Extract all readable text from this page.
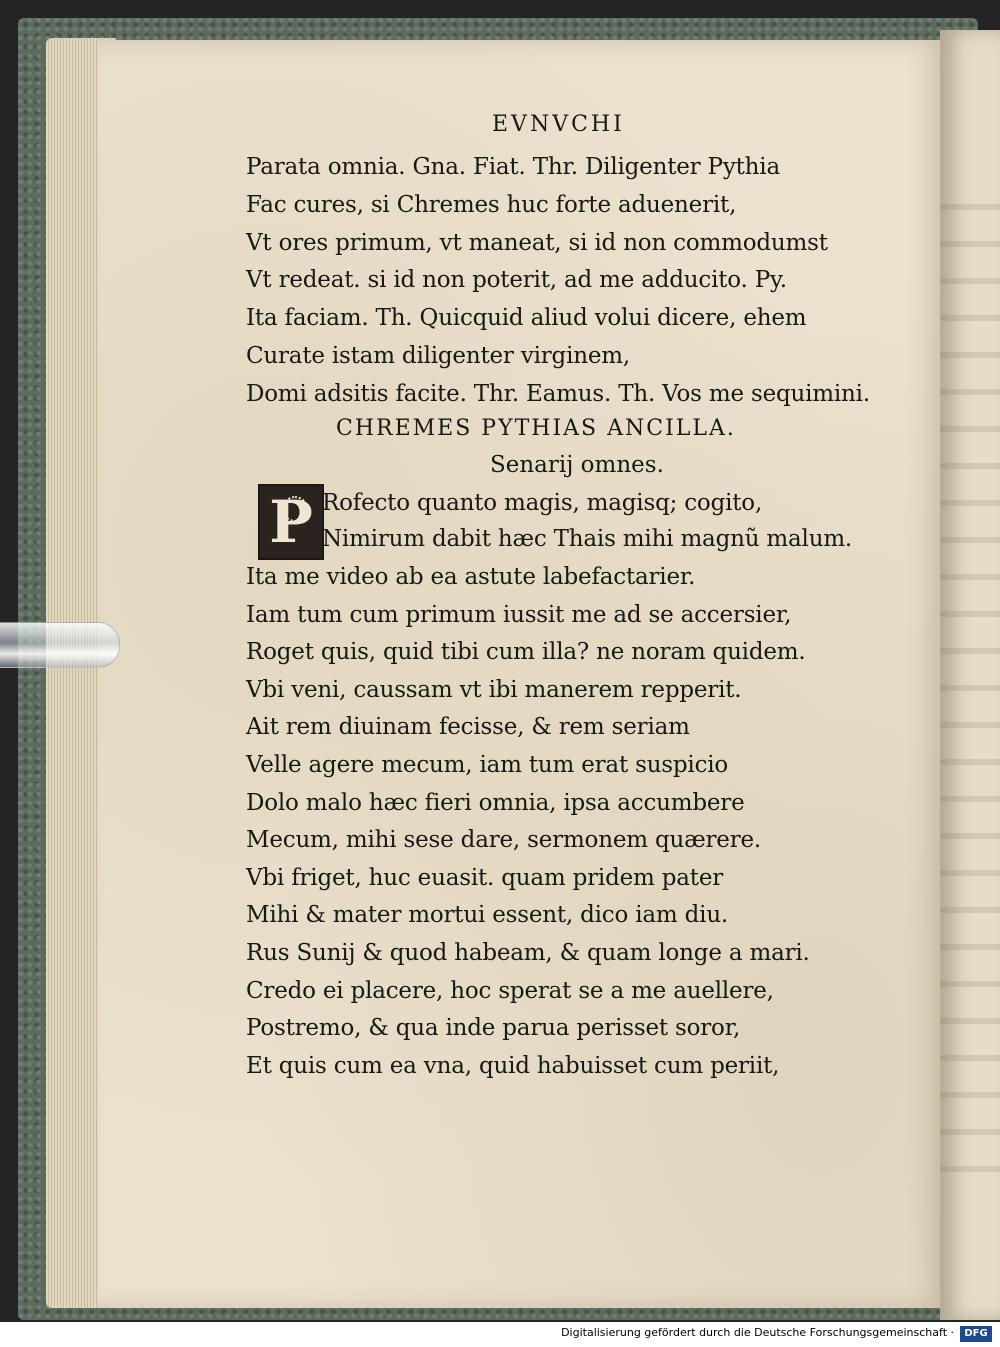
EVNVCHI
Parata omnia. Gna. Fiat. Thr. Diligenter Pythia
Fac cures, si Chremes huc forte aduenerit,
Vt ores primum, vt maneat, si id non commodumst
Vt redeat. si id non poterit, ad me adducito. Py.
Ita faciam. Th. Quicquid aliud volui dicere, ehem
Curate istam diligenter virginem,
Domi adsitis facite. Thr. Eamus. Th. Vos me sequimini.
CHREMES PYTHIAS ANCILLA.
Senarij omnes.
P Rofecto quanto magis, magisq; cogito,
Nimirum dabit hæc Thais mihi magnũ malum.
Ita me video ab ea astute labefactarier.
Iam tum cum primum iussit me ad se accersier,
Roget quis, quid tibi cum illa? ne noram quidem.
Vbi veni, caussam vt ibi manerem repperit.
Ait rem diuinam fecisse, & rem seriam
Velle agere mecum, iam tum erat suspicio
Dolo malo hæc fieri omnia, ipsa accumbere
Mecum, mihi sese dare, sermonem quærere.
Vbi friget, huc euasit. quam pridem pater
Mihi & mater mortui essent, dico iam diu.
Rus Sunij & quod habeam, & quam longe a mari.
Credo ei placere, hoc sperat se a me auellere,
Postremo, & qua inde parua perisset soror,
Et quis cum ea vna, quid habuisset cum periit,
Digitalisierung gefördert durch die Deutsche Forschungsgemeinschaft ·	DFG
